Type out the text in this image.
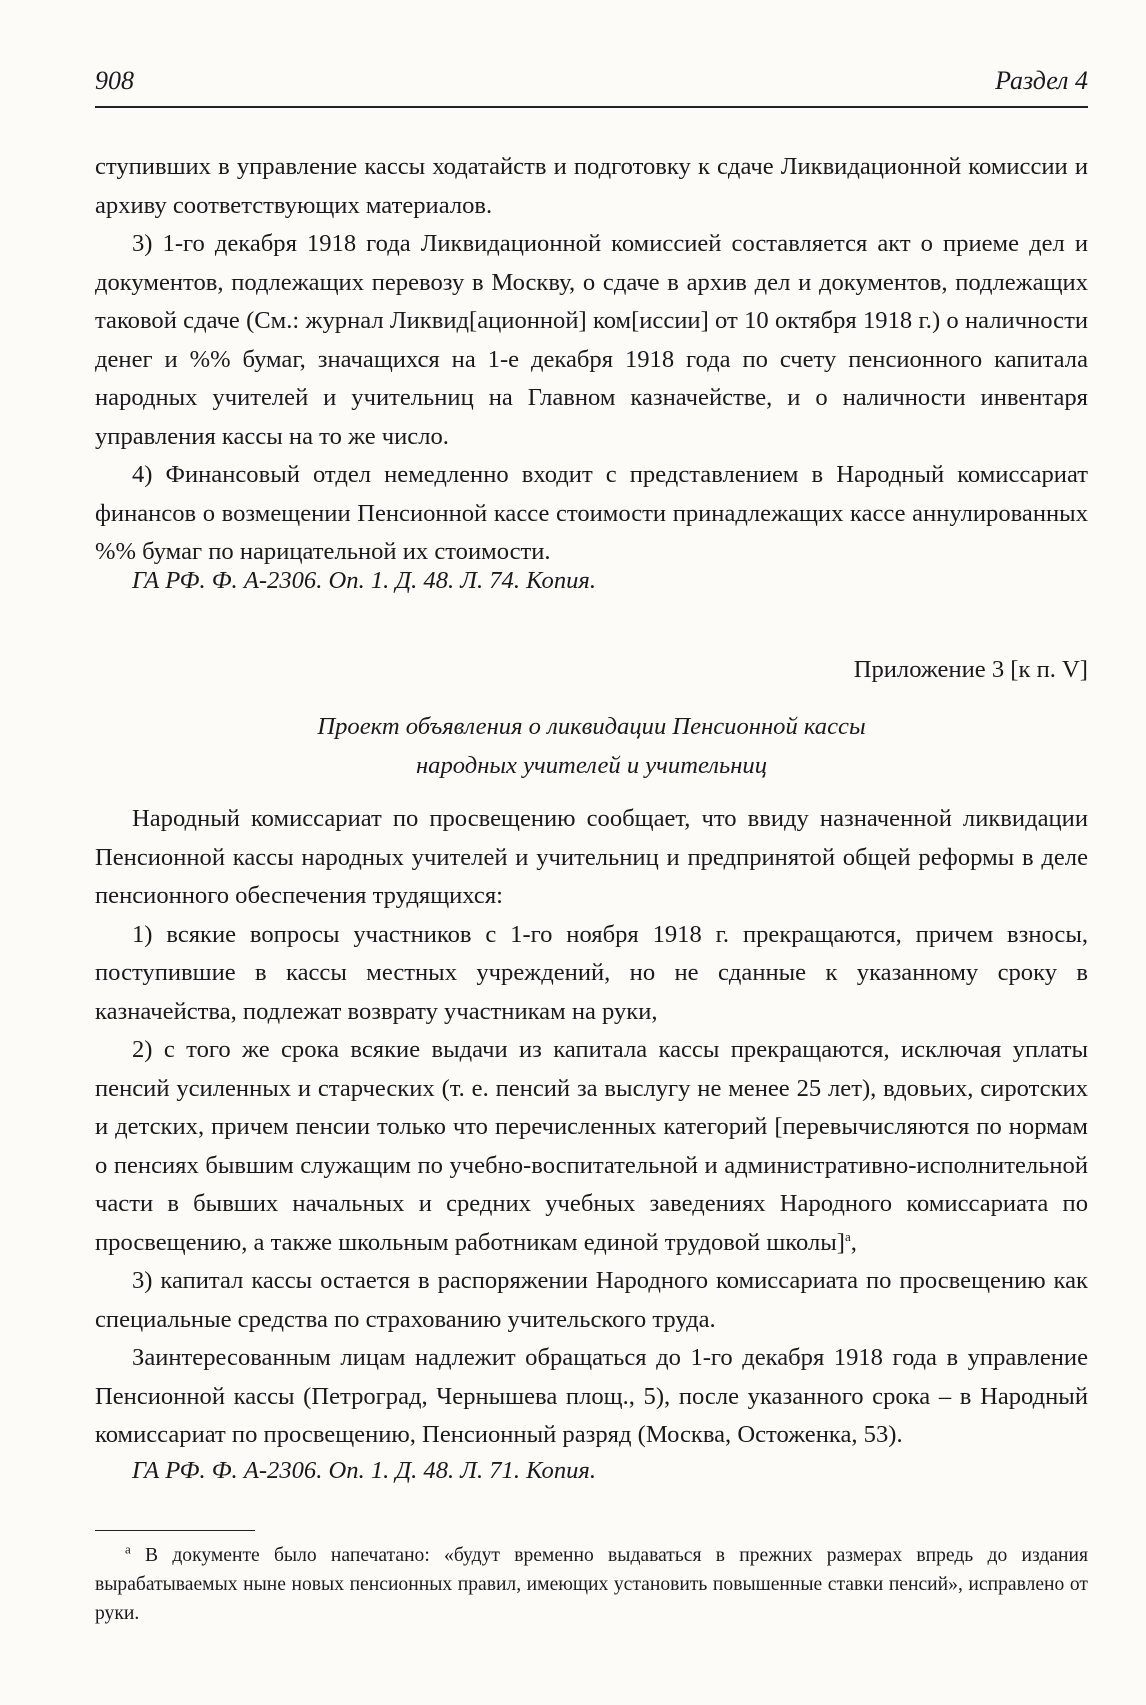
908	Раздел 4

ступивших в управление кассы ходатайств и подготовку к сдаче Ликвидационной комиссии и архиву соответствующих материалов.

3) 1-го декабря 1918 года Ликвидационной комиссией составляется акт о приеме дел и документов, подлежащих перевозу в Москву, о сдаче в архив дел и документов, подлежащих таковой сдаче (См.: журнал Ликвид[ационной] ком[иссии] от 10 октября 1918 г.) о наличности денег и %% бумаг, значащихся на 1-е декабря 1918 года по счету пенсионного капитала народных учителей и учительниц на Главном казначействе, и о наличности инвентаря управления кассы на то же число.

4) Финансовый отдел немедленно входит с представлением в Народный комиссариат финансов о возмещении Пенсионной кассе стоимости принадлежащих кассе аннулированных %% бумаг по нарицательной их стоимости.

ГА РФ. Ф. А-2306. Оп. 1. Д. 48. Л. 74. Копия.

Приложение 3 [к п. V]

Проект объявления о ликвидации Пенсионной кассы

народных учителей и учительниц

Народный комиссариат по просвещению сообщает, что ввиду назначенной ликвидации Пенсионной кассы народных учителей и учительниц и предпринятой общей реформы в деле пенсионного обеспечения трудящихся:

1) всякие вопросы участников с 1-го ноября 1918 г. прекращаются, причем взносы, поступившие в кассы местных учреждений, но не сданные к указанному сроку в казначейства, подлежат возврату участникам на руки,

2) с того же срока всякие выдачи из капитала кассы прекращаются, исключая уплаты пенсий усиленных и старческих (т. е. пенсий за выслугу не менее 25 лет), вдовьих, сиротских и детских, причем пенсии только что перечисленных категорий [перевычисляются по нормам о пенсиях бывшим служащим по учебно-воспитательной и административно-исполнительной части в бывших начальных и средних учебных заведениях Народного комиссариата по просвещению, а также школьным работникам единой трудовой школы]$^а$,

3) капитал кассы остается в распоряжении Народного комиссариата по просвещению как специальные средства по страхованию учительского труда.

Заинтересованным лицам надлежит обращаться до 1-го декабря 1918 года в управление Пенсионной кассы (Петроград, Чернышева площ., 5), после указанного срока – в Народный комиссариат по просвещению, Пенсионный разряд (Москва, Остоженка, 53).

ГА РФ. Ф. А-2306. Оп. 1. Д. 48. Л. 71. Копия.

$^а$ В документе было напечатано: «будут временно выдаваться в прежних размерах впредь до издания вырабатываемых ныне новых пенсионных правил, имеющих установить повышенные ставки пенсий», исправлено от руки.
